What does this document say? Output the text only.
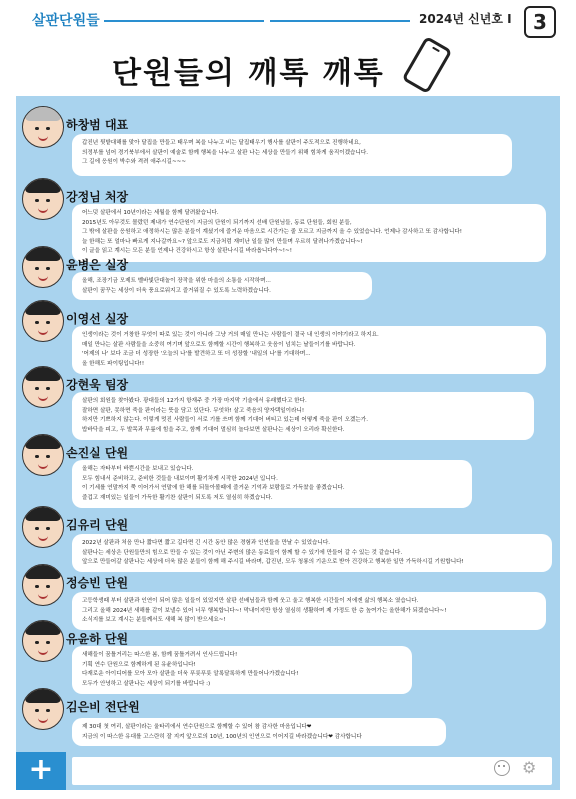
살판단원들	2024년 신년호 I	3
단원들의 깨톡 깨톡
하창범 대표

갑진년 뒷밭대해를 맞아 달집을 만들고 태우며 복을 나누고 비는 달집태우기 행사를 살판이 주도적으로 진행하네요,

의정부를 넘어 경기북부에서 살판이 예술로 함께 행복을 나누고 살판 나는 세상을 만들기 위해 힘차게 움직이겠습니다.

그 길에 응원이 박수와 격려 애주시길~~~

강정님 처장

어느덧 살판에서 10년이라는 세월을 함께 달려왔습니다.

2015년도 아무것도 몰랐던 제내가 연수단원이 지금의 단원이 되기까지 선배 단원님들, 동료 단원들, 회원 분들,

그 밖에 살판을 응원하고 애정하시는 많은 분들이 계셨기에 즐거운 마음으로 시간가는 줄 모르고 지금까지 올 수 있었습니다. 언제나 감사하고 또 감사합니다!

늘 한해는 또 얼마나 빠르게 지나갈까요~? 앞으로도 지금처럼 재미난 일들 많이 만들며 우르히 달려나가겠습니다~!

이 글을 읽고 계시는 모든 분들 언제나 건강하시고 항상 살판나시길 바라옵니다아~!~!

윤병은 실장

올해, 조장기금 모제트 벨바빛단대놀이 장작을 위한 마을의 소통을 시작하며...

살판이 꿈꾸는 세상이 더욱 풍요로워지고 즐거워질 수 있도록 노력하겠습니다.

이영선 실장

인생이라는 것이 거창한 무엇이 따로 있는 것이 아니라 그냥 거의 매일 만나는 사람들이 결국 내 인생의 이야기라고 하지요.

매일 만나는 살판 사람들을 소중히 여기며 앞으로도 함께할 시간이 행복하고 웃음이 넘치는 날들이기를 바랍니다.

'어제의 나' 보다 조금 더 성장한 '오늘의 나'를 발견하고 또 더 성장할 '내일의 나'를 기대하며...

올 한해도 파이팅입니다!!

강현욱 팀장

살판의 회원들 찾아봤다. 광대들의 12가지 항재주 중 가장 마지막 기술에서 유래했다고 한다.

잘하면 살판, 못하면 죽을 판이라는 뜻을 담고 있단다. 무엇하! 살고 죽음의 양자택일이라니!

하지만 기쁘하지 않는다. 이렇게 멋진 사람들이 서로 기를 쓰며 함께 기대어 버티고 있는데 어떻게 죽을 판이 오겠는가.

밥바닥을 피고, 두 발목과 무릎에 힘을 주고, 함께 기대어 멀심히 놀다보면 살판나는 세상이 오리라 확신한다.

손진실 단원

올해는 자타부터 바쁜시간을 보내고 있습니다.

모두 힘내서 준비하고, 준비한 것들을 내보이며 활기차게 시작한 2024년 입니다.

이 기세를 연말까지 쭉 이어가서 연말에 한 해를 되돌아볼때에 즐거운 기억과 보람들로 가득찼을 좋겠습니다.

즐겁고 재미있는 일들이 가득한 활기찬 살판이 되도록 저도 열심히 하겠습니다.

김유리 단원

2022년 살판과 처음 만나 짧다면 짧고 길다면 긴 시간 동안 많은 경험과 인연들을 만날 수 있었습니다.

살판나는 세상은 단원들만의 힘으로 만들 수 있는 것이 아닌 주변의 많은 동료들이 함께 할 수 있기에 만들어 갈 수 있는 것 같습니다.

앞으로 만들어갈 살판나는 세상에 더욱 많은 분들이 함께 해 주시길 바라며, 갑진년, 모두 청룡의 기운으로 받아 건강하고 행복한 일만 가득하시길 기원합니다!

정승빈 단원

고등학생때 부터 살판과 인연이 되어 많은 일들이 있었지만 살판 선배님들과 함께 웃고 울고 행복한 시간들이 저에겐 삶의 행복소 였습니다.

그리고 올해 2024년 새해를 같이 보낼수 있어 너무 행복합니다~! 막내이지만 항상 열심히 생활하며 제 가정도 한 층 높여가는 올한해가 되겠습니다~!

소식지를 보고 계시는 분들께서도 새해 복 많이 받으세요~!

유윤하 단원

새해들이 꿈틀거리는 따스한 봄, 함께 꿈틀거려서 인사드립니다!

기획 연수 단원으로 함께하게 된 유윤하입니다!

다재로운 아이디어를 모아 모아 살판을 더욱 푸릇푸릇 알록달록하게 만들어나가겠습니다!

모두가 안녕하고 살판나는 세상이 되기를 바랍니다 :)

김은비 전단원

제 30대 첫 여리, 살판이라는 울타리에서 연수단원으로 함께할 수 있어 참 감사한 마음입니다❤

지금의 이 따스한 유대를 고스란히 잘 지켜 앞으로의 10년, 100년의 인연으로 이어지길 바라겠습니다❤ 감사합니다

+	⚙
